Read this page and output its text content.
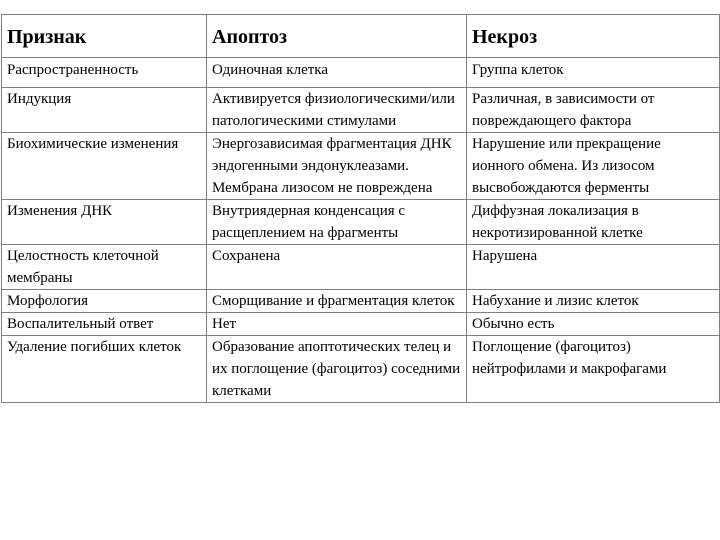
Признак	Апоптоз	Некроз
Распространенность	Одиночная клетка	Группа клеток
Индукция	Активируется физиологическими/или патологическими стимулами	Различная, в зависимости от повреждающего фактора
Биохимические изменения	Энергозависимая фрагментация ДНК эндогенными эндонуклеазами. Мембрана лизосом не повреждена	Нарушение или прекращение ионного обмена. Из лизосом высвобождаются ферменты
Изменения ДНК	Внутриядерная конденсация с расщеплением на фрагменты	Диффузная локализация в некротизированной клетке
Целостность клеточной мембраны	Сохранена	Нарушена
Морфология	Сморщивание и фрагментация клеток	Набухание и лизис клеток
Воспалительный ответ	Нет	Обычно есть
Удаление погибших клеток	Образование апоптотических телец и их поглощение (фагоцитоз) соседними клетками	Поглощение (фагоцитоз) нейтрофилами и макрофагами
